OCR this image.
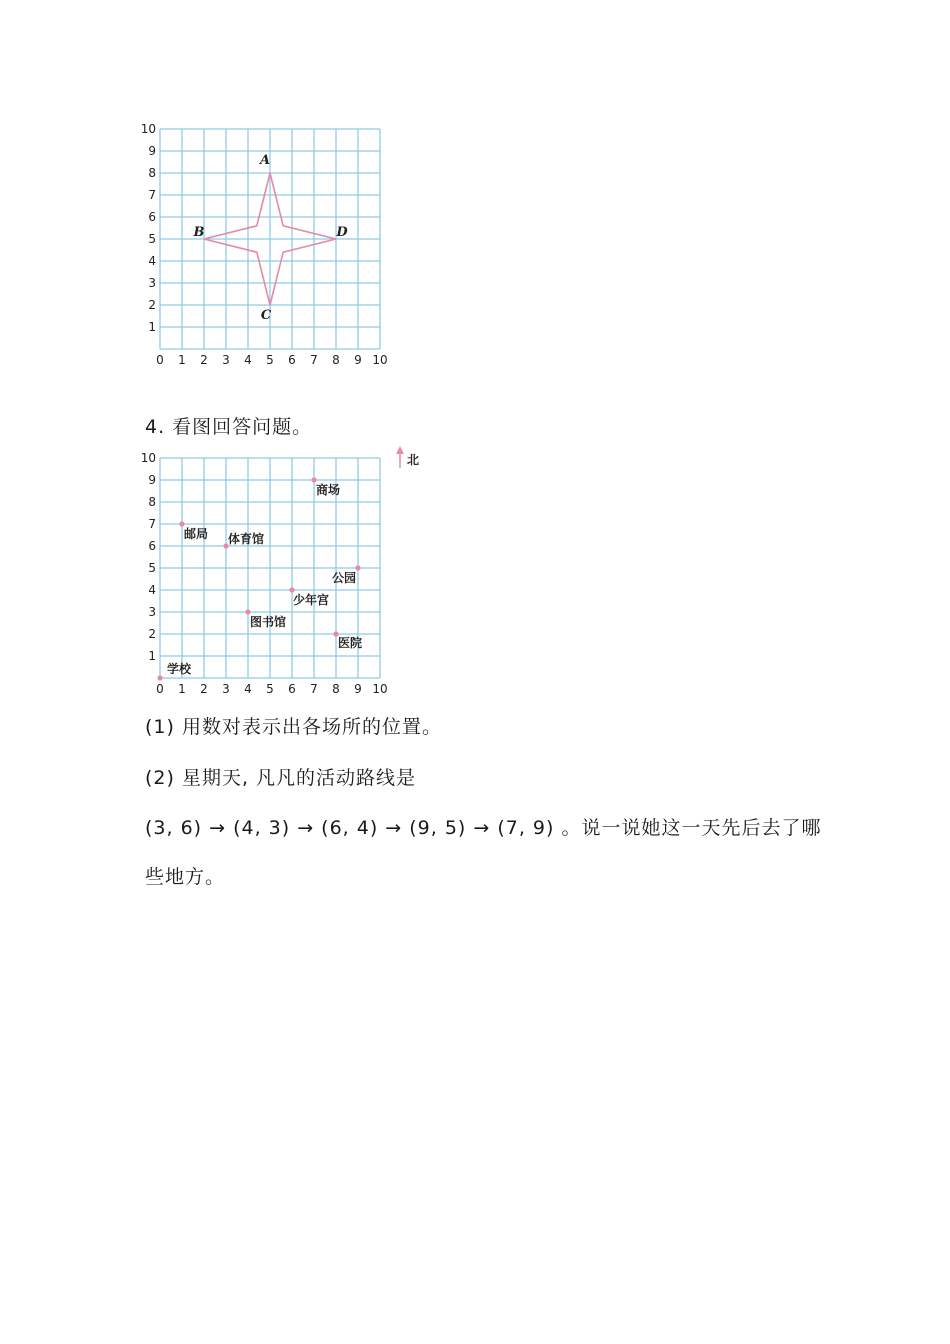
0 1 2 3 4 5 6 7 8 9 10
1
2
3
4
5
6
7
8
9
10
A
B
C
D
0 1 2 3 4 5 6 7 8 9 10
1
2
3
4
5
6
7
8
9
10	北
学校
邮局 体育馆
图书馆
少年宫
公园
医院
商场
4. 看图回答问题。
(1) 用数对表示出各场所的位置。
(2) 星期天, 凡凡的活动路线是
(3, 6) → (4, 3) → (6, 4) → (9, 5) → (7, 9) 。说一说她这一天先后去了哪
些地方。
